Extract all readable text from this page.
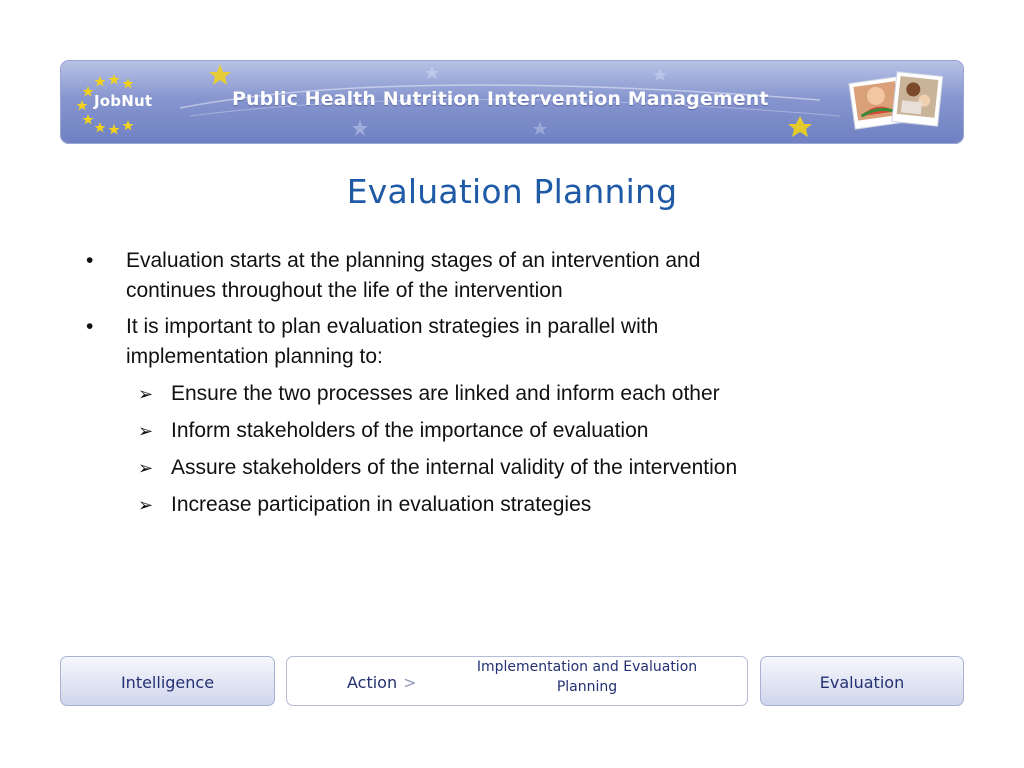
JobNut	Public Health Nutrition Intervention Management
Evaluation Planning
• Evaluation starts at the planning stages of an intervention and
continues throughout the life of the intervention
• It is important to plan evaluation strategies in parallel with
implementation planning to:
➢ Ensure the two processes are linked and inform each other
➢ Inform stakeholders of the importance of evaluation
➢ Assure stakeholders of the internal validity of the intervention
➢ Increase participation in evaluation strategies
Intelligence	Action >
Implementation and Evaluation
Planning	Evaluation
